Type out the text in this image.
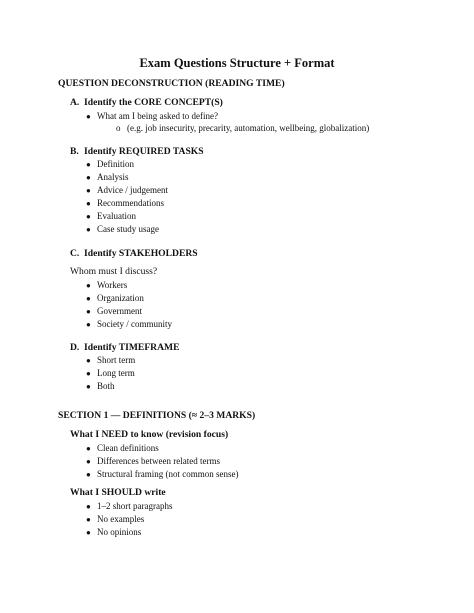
Exam Questions Structure + Format
QUESTION DECONSTRUCTION (READING TIME)
A. Identify the CORE CONCEPT(S)
● What am I being asked to define?
o (e.g. job insecurity, precarity, automation, wellbeing, globalization)
B. Identify REQUIRED TASKS
● Definition
● Analysis
● Advice / judgement
● Recommendations
● Evaluation
● Case study usage
C. Identify STAKEHOLDERS
Whom must I discuss?
● Workers
● Organization
● Government
● Society / community
D. Identify TIMEFRAME
● Short term
● Long term
● Both
SECTION 1 — DEFINITIONS (≈ 2–3 MARKS)
What I NEED to know (revision focus)
● Clean definitions
● Differences between related terms
● Structural framing (not common sense)
What I SHOULD write
● 1–2 short paragraphs
● No examples
● No opinions
